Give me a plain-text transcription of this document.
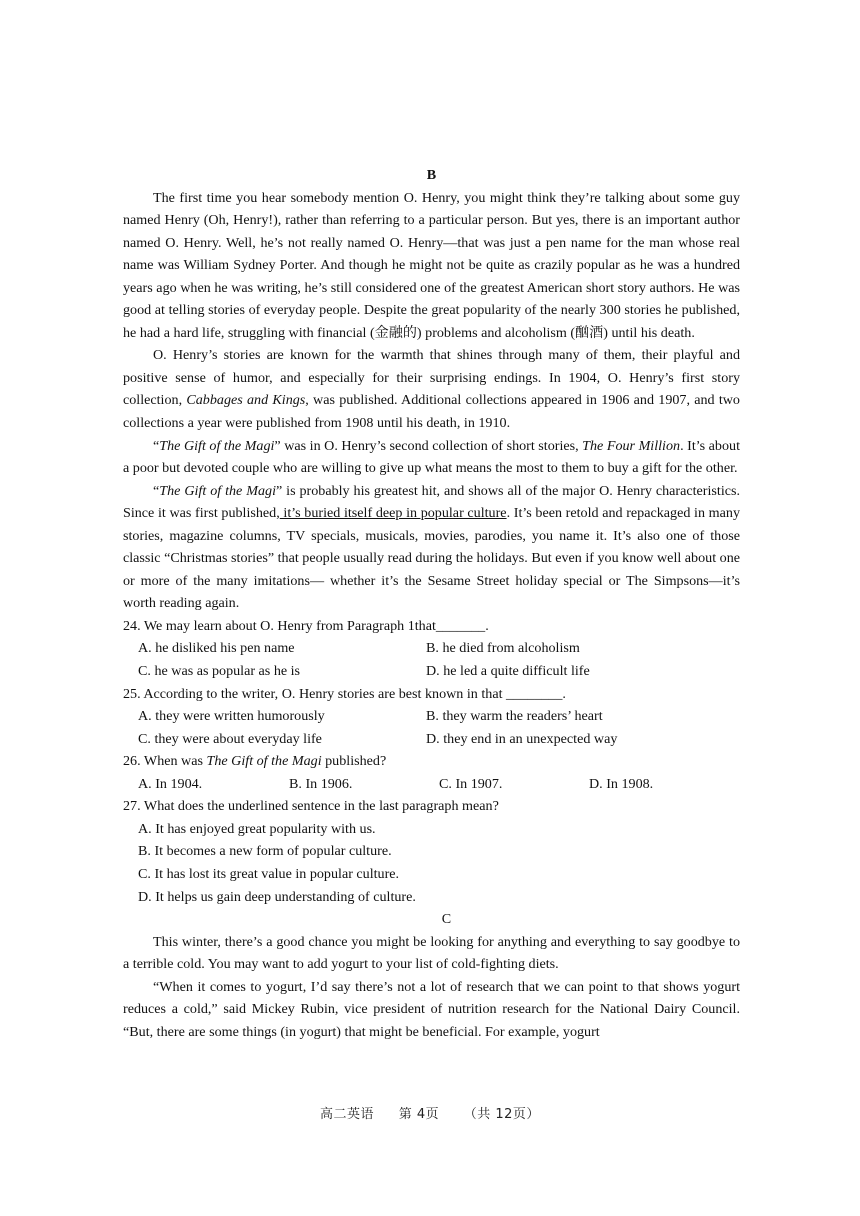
B

The first time you hear somebody mention O. Henry, you might think they’re talking about some guy named Henry (Oh, Henry!), rather than referring to a particular person. But yes, there is an important author named O. Henry. Well, he’s not really named O. Henry—that was just a pen name for the man whose real name was William Sydney Porter. And though he might not be quite as crazily popular as he was a hundred years ago when he was writing, he’s still considered one of the greatest American short story authors. He was good at telling stories of everyday people. Despite the great popularity of the nearly 300 stories he published, he had a hard life, struggling with financial (金融的) problems and alcoholism (酗酒) until his death.

O. Henry’s stories are known for the warmth that shines through many of them, their playful and positive sense of humor, and especially for their surprising endings. In 1904, O. Henry’s first story collection, Cabbages and Kings, was published. Additional collections appeared in 1906 and 1907, and two collections a year were published from 1908 until his death, in 1910.

“The Gift of the Magi” was in O. Henry’s second collection of short stories, The Four Million. It’s about a poor but devoted couple who are willing to give up what means the most to them to buy a gift for the other.

“The Gift of the Magi” is probably his greatest hit, and shows all of the major O. Henry characteristics. Since it was first published, it’s buried itself deep in popular culture. It’s been retold and repackaged in many stories, magazine columns, TV specials, musicals, movies, parodies, you name it. It’s also one of those classic “Christmas stories” that people usually read during the holidays. But even if you know well about one or more of the many imitations— whether it’s the Sesame Street holiday special or The Simpsons—it’s worth reading again.

24. We may learn about O. Henry from Paragraph 1that_______.

A. he disliked his pen name	B. he died from alcoholism
C. he was as popular as he is	D. he led a quite difficult life

25. According to the writer, O. Henry stories are best known in that ________.

A. they were written humorously	B. they warm the readers’ heart
C. they were about everyday life	D. they end in an unexpected way

26. When was The Gift of the Magi published?

A. In 1904.	B. In 1906.	C. In 1907.	D. In 1908.

27. What does the underlined sentence in the last paragraph mean?

A. It has enjoyed great popularity with us.

B. It becomes a new form of popular culture.

C. It has lost its great value in popular culture.

D. It helps us gain deep understanding of culture.

C

This winter, there’s a good chance you might be looking for anything and everything to say goodbye to a terrible cold. You may want to add yogurt to your list of cold-fighting diets.

“When it comes to yogurt, I’d say there’s not a lot of research that we can point to that shows yogurt reduces a cold,” said Mickey Rubin, vice president of nutrition research for the National Dairy Council. “But, there are some things (in yogurt) that might be beneficial. For example, yogurt

高二英语 第 4页 （共 12页）
